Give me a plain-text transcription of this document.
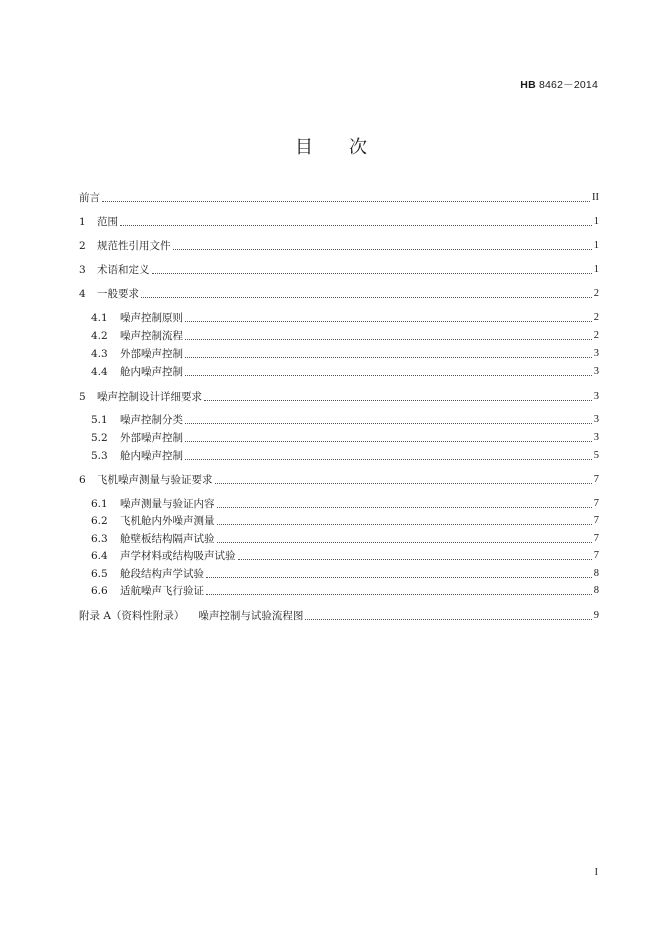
HB 8462－2014
目次
前言	II
1	范围	1
2	规范性引用文件	1
3	术语和定义	1
4	一般要求	2
4.1	噪声控制原则	2
4.2	噪声控制流程	2
4.3	外部噪声控制	3
4.4	舱内噪声控制	3
5	噪声控制设计详细要求	3
5.1	噪声控制分类	3
5.2	外部噪声控制	3
5.3	舱内噪声控制	5
6	飞机噪声测量与验证要求	7
6.1	噪声测量与验证内容	7
6.2	飞机舱内外噪声测量	7
6.3	舱壁板结构隔声试验	7
6.4	声学材料或结构吸声试验	7
6.5	舱段结构声学试验	8
6.6	适航噪声飞行验证	8
附录 A（资料性附录）	噪声控制与试验流程图	9
I
